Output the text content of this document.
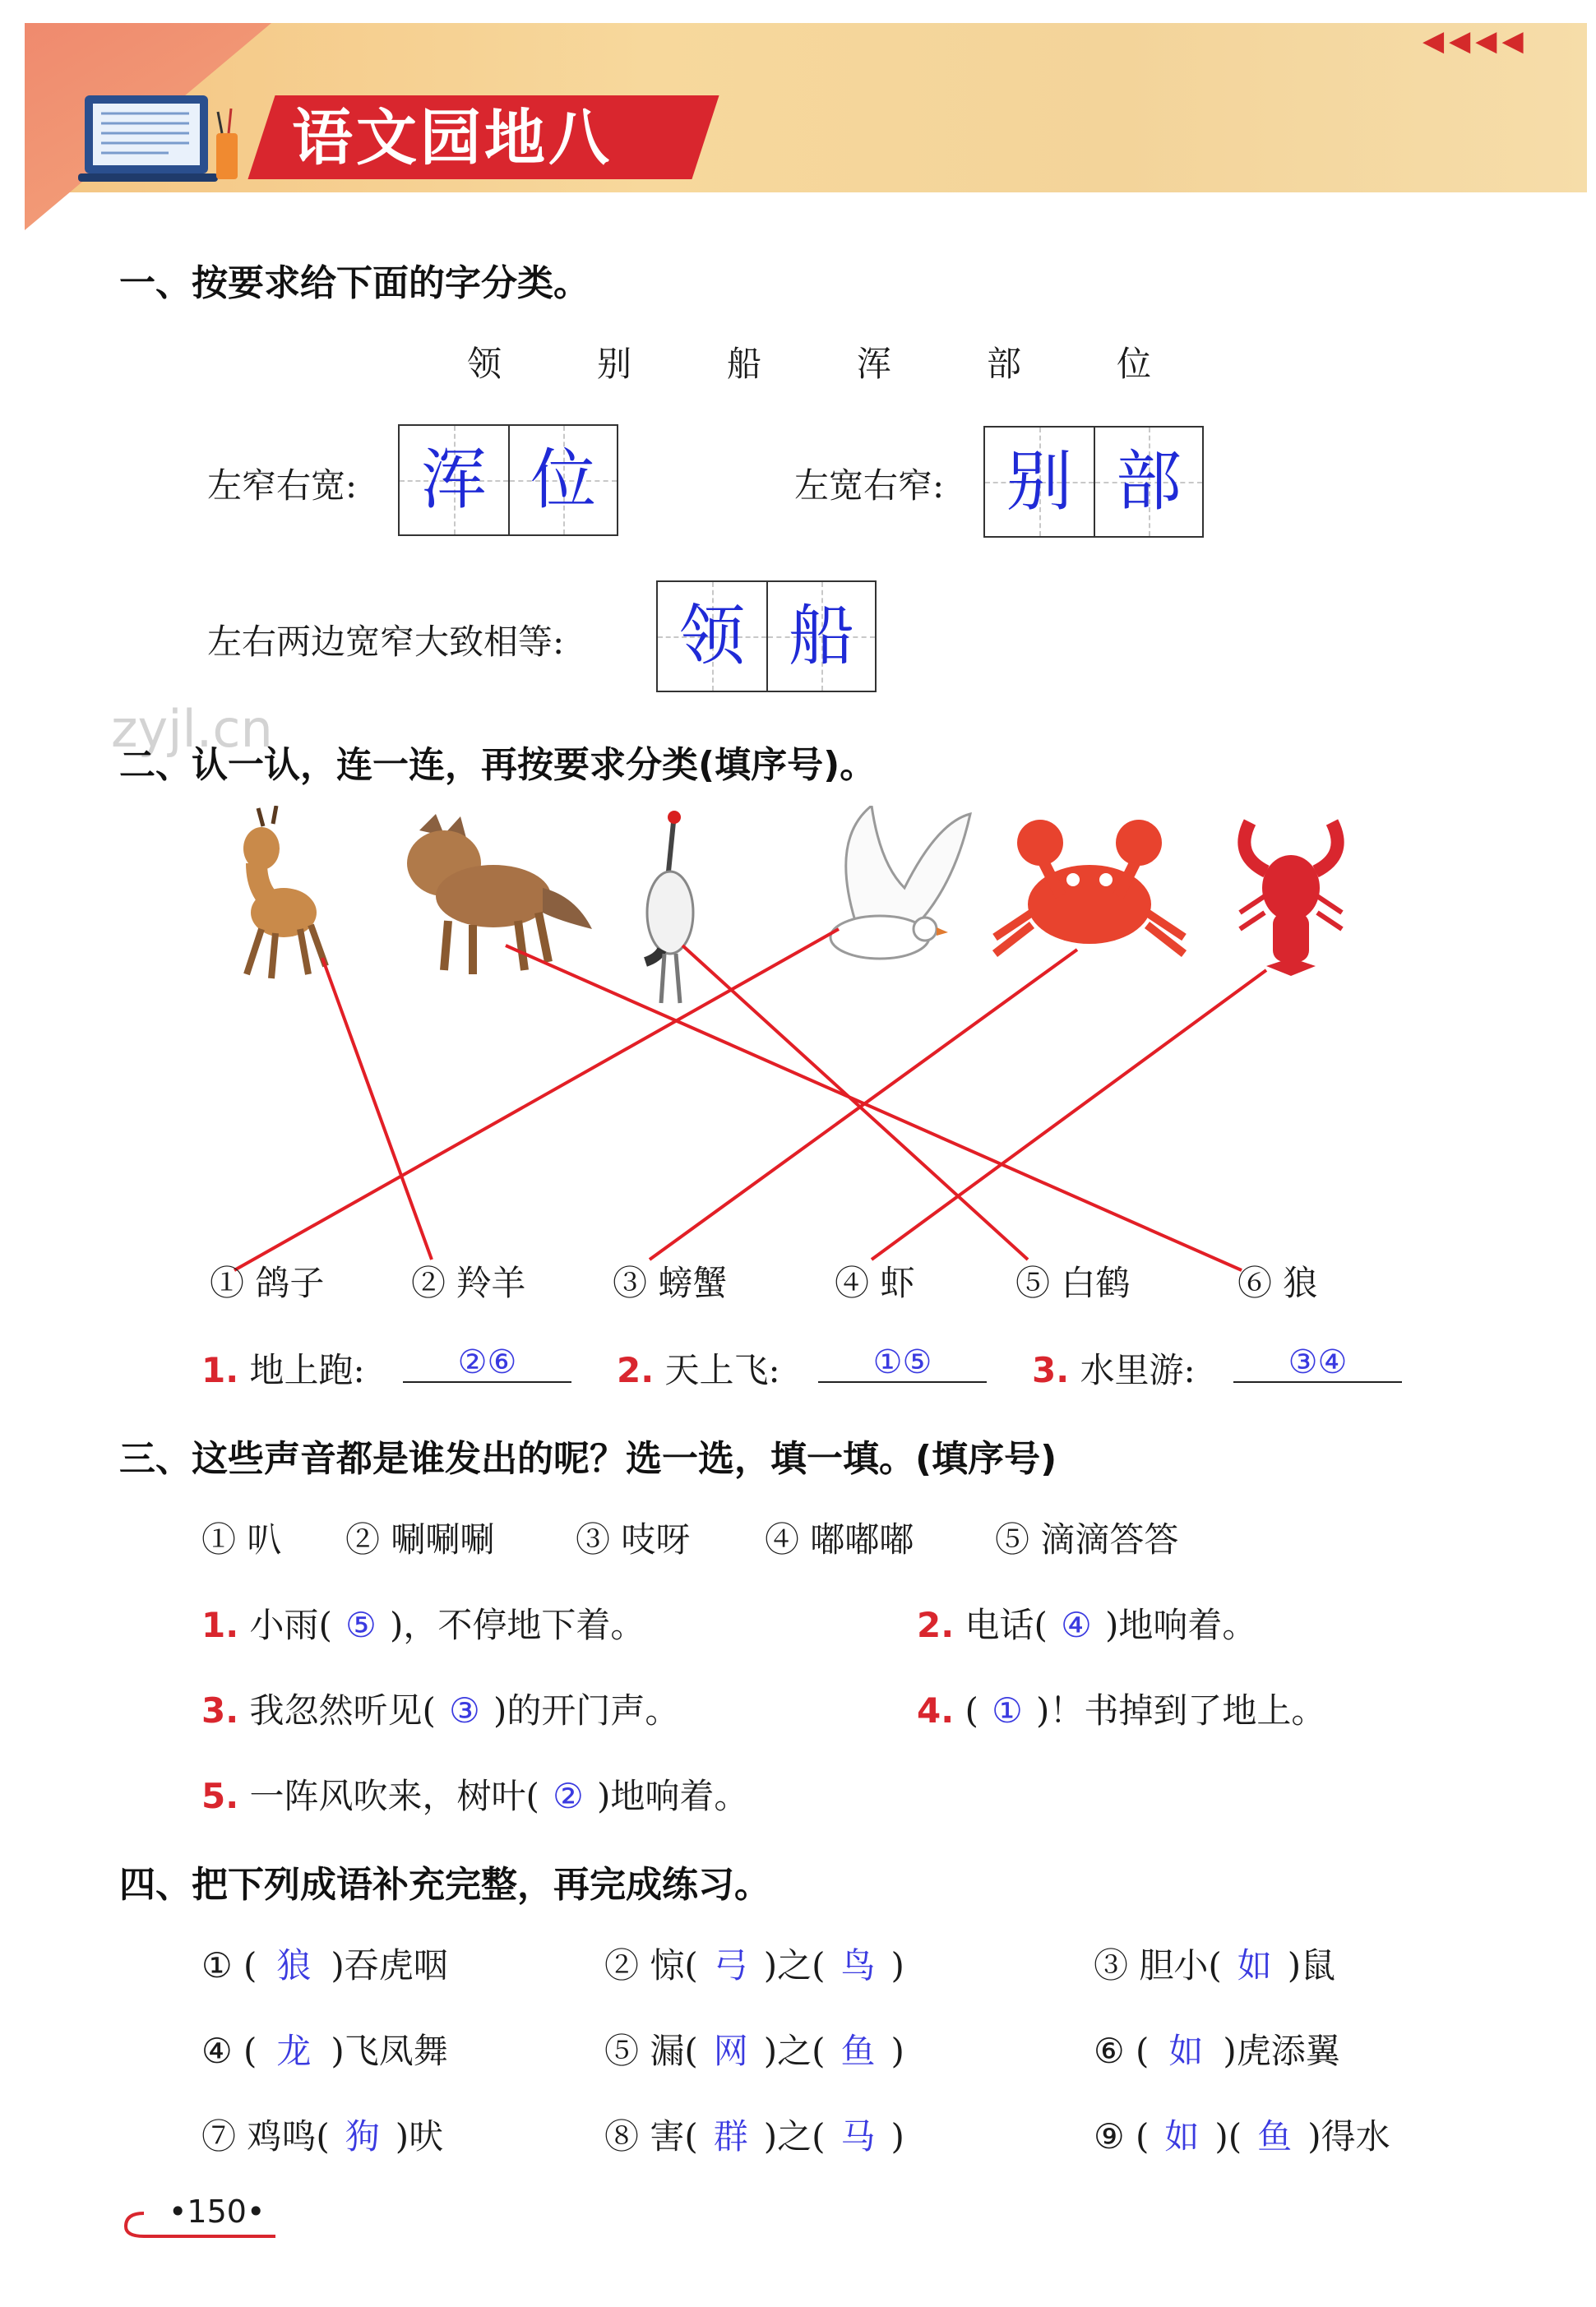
语文园地八
◀◀◀◀
一、按要求给下面的字分类。
领	别	船	浑	部	位
左窄右宽: 浑 位	左宽右窄: 别 部
左右两边宽窄大致相等:	领 船
zyjl.cn
二、认一认，连一连，再按要求分类(填序号)。
① 鸽子	② 羚羊	③ 螃蟹	④ 虾	⑤ 白鹤	⑥ 狼
1. 地上跑:	②⑥	2. 天上飞:	①⑤	3. 水里游:	③④
三、这些声音都是谁发出的呢？选一选，填一填。(填序号)
① 叭 ② 唰唰唰 ③ 吱呀 ④ 嘟嘟嘟 ⑤ 滴滴答答
1. 小雨( ⑤ )，不停地下着。	2. 电话( ④ )地响着。
3. 我忽然听见( ③ )的开门声。	4. ( ① )！书掉到了地上。
5. 一阵风吹来，树叶( ② )地响着。
四、把下列成语补充完整，再完成练习。
① ( 狼 )吞虎咽	② 惊( 弓 )之( 鸟 )	③ 胆小( 如 )鼠
④ ( 龙 )飞凤舞	⑤ 漏( 网 )之( 鱼 )	⑥ ( 如 )虎添翼
⑦ 鸡鸣( 狗 )吠	⑧ 害( 群 )之( 马 )	⑨ ( 如 )( 鱼 )得水
•150•
